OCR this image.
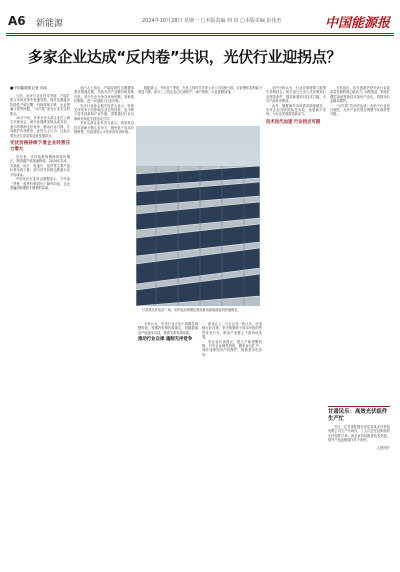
A6 新能源	2024年10月28日 星期一 □本版责编 何 田 □本版美编 彭伟杰	中国能源报
多家企业达成“反内卷”共识，光伏行业迎拐点？
■中国能源报记者 苏南

当前，光伏行业在技术突破、产能扩张与市场竞争中快速发展，同时也暴露出阶段性产能过剩、价格持续下跌、企业普遍亏损等问题，“反内卷”成为行业关注的焦点。

10月中旬，多家光伏头部企业在上海召开座谈会，就行业健康发展达成共识，表示将遏制无序竞争、推动行业自律，共同维护市场秩序。业内人士认为，这标志着光伏行业或将迎来发展拐点。

光伏价格持续下滑企业经营压力增大

近年来，光伏装机规模保持较快增长，制造端产能加速释放。2024年以来，多晶硅、硅片、电池片、组件等主要产品价格全线下跌，部分环节价格已跌破行业平均成本。

中国光伏行业协会数据显示，今年前三季度，组件价格同比下降约四成，企业普遍面临增收不增利的局面。

业内人士指出，产能阶段性过剩叠加需求增速放缓，导致光伏产业链价格持续走低。部分企业为争夺市场份额，采取低价策略，进一步加剧了行业内卷。

光伏行业协会相关负责人表示，价格无序竞争不仅影响企业正常经营，也不利于技术创新和产业升级，需要通过行业自律和市场化手段加以引导。

多家头部企业负责人表示，将坚持以技术创新为核心竞争力，避免低于成本价格销售，共同营造公平有序的市场环境。

数据显示，今年前三季度，光伏主材环节多家上市公司出现亏损，行业整体盈利能力明显下降。部分二三线企业已出现停产、减产现象，行业洗牌加速。

专家认为，光伏行业正处于周期性调整阶段，短期内价格仍将承压，但随着落后产能逐步出清，供需关系有望改善。

推动行业自律 遏制无序竞争

座谈会上，与会企业一致认为，应加强行业自律，坚决抵制低于成本价格的恶性竞争行为，推动产业链上下游协同发展。

有企业代表建议，建立产能预警机制，引导企业理性投资，避免盲目扩产。同时加强知识产权保护，鼓励差异化竞争。

业内分析认为，行业自律需要与政策引导相结合。相关部门已出台光伏制造行业规范条件，提高新建项目技术门槛，引导产能有序释放。

此外，随着海外市场需求持续增长，光伏企业加快国际化布局，拓展新兴市场，为行业发展提供新动力。

技术迭代加速 行业拐点可期

专家指出，技术创新仍是光伏行业高质量发展的核心驱动力。N型电池、钙钛矿叠层电池等新技术加快产业化，将推动行业降本增效。

“反内卷”共识的达成，有助于行业回归理性，光伏产业有望在调整中实现转型升级。

甘肃某光伏电站一角。光伏电站规模化建设推动新能源装机快速增长。
甘肃民乐：高效光伏组件生产忙
近日，在甘肃张掖市民乐县某光伏科技有限公司生产车间内，工人们正在赶制高效光伏组件订单。该企业持续推进技术升级，组件产品远销国内多个省份。
人民图片
